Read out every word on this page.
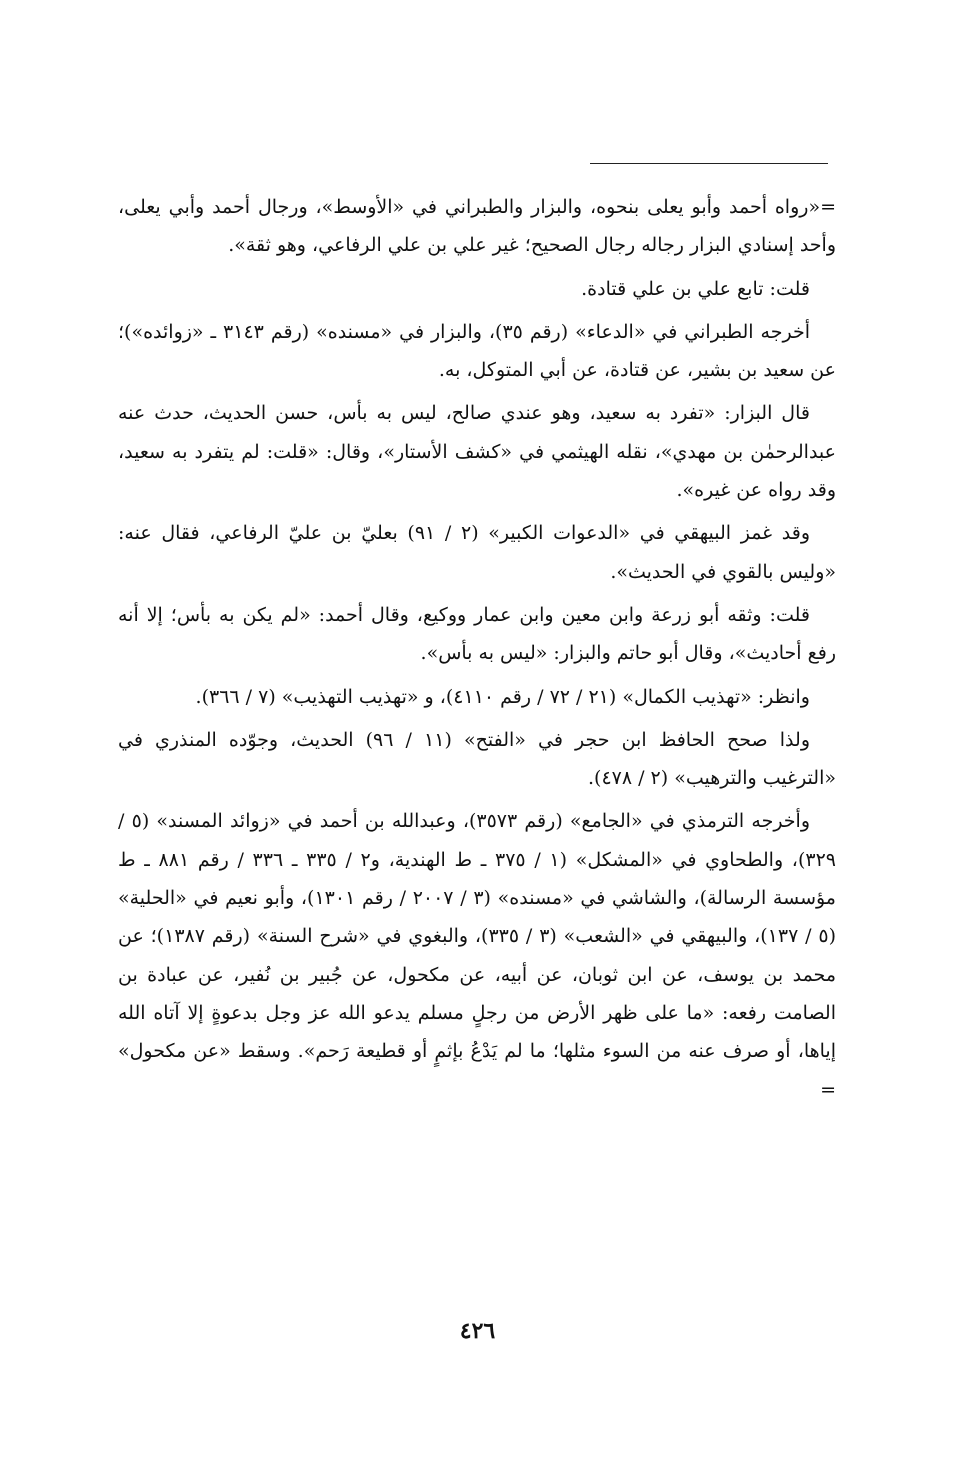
=«رواه أحمد وأبو يعلى بنحوه، والبزار والطبراني في «الأوسط»، ورجال أحمد وأبي يعلى، وأحد إسنادي البزار رجاله رجال الصحيح؛ غير علي بن علي الرفاعي، وهو ثقة».

قلت: تابع علي بن علي قتادة.

أخرجه الطبراني في «الدعاء» (رقم ٣٥)، والبزار في «مسنده» (رقم ٣١٤٣ ـ «زوائده»)؛ عن سعيد بن بشير، عن قتادة، عن أبي المتوكل، به.

قال البزار: «تفرد به سعيد، وهو عندي صالح، ليس به بأس، حسن الحديث، حدث عنه عبدالرحمٰن بن مهدي»، نقله الهيثمي في «كشف الأستار»، وقال: «قلت: لم يتفرد به سعيد، وقد رواه عن غيره».

وقد غمز البيهقي في «الدعوات الكبير» (٢ / ٩١) بعليّ بن عليّ الرفاعي، فقال عنه: «وليس بالقوي في الحديث».

قلت: وثقه أبو زرعة وابن معين وابن عمار ووكيع، وقال أحمد: «لم يكن به بأس؛ إلا أنه رفع أحاديث»، وقال أبو حاتم والبزار: «ليس به بأس».

وانظر: «تهذيب الكمال» (٢١ / ٧٢ / رقم ٤١١٠)، و «تهذيب التهذيب» (٧ / ٣٦٦).

ولذا صحح الحافظ ابن حجر في «الفتح» (١١ / ٩٦) الحديث، وجوّده المنذري في «الترغيب والترهيب» (٢ / ٤٧٨).

وأخرجه الترمذي في «الجامع» (رقم ٣٥٧٣)، وعبدالله بن أحمد في «زوائد المسند» (٥ / ٣٢٩)، والطحاوي في «المشكل» (١ / ٣٧٥ ـ ط الهندية، و٢ / ٣٣٥ ـ ٣٣٦ / رقم ٨٨١ ـ ط مؤسسة الرسالة)، والشاشي في «مسنده» (٣ / ٢٠٠٧ / رقم ١٣٠١)، وأبو نعيم في «الحلية» (٥ / ١٣٧)، والبيهقي في «الشعب» (٣ / ٣٣٥)، والبغوي في «شرح السنة» (رقم ١٣٨٧)؛ عن محمد بن يوسف، عن ابن ثوبان، عن أبيه، عن مكحول، عن جُبير بن نُفير، عن عبادة بن الصامت رفعه: «ما على ظهر الأرض من رجلٍ مسلم يدعو الله عز وجل بدعوةٍ إلا آتاه الله إياها، أو صرف عنه من السوء مثلها؛ ما لم يَدْعُ بإثمٍ أو قطيعة رَحم». وسقط «عن مكحول» =

٤٢٦
